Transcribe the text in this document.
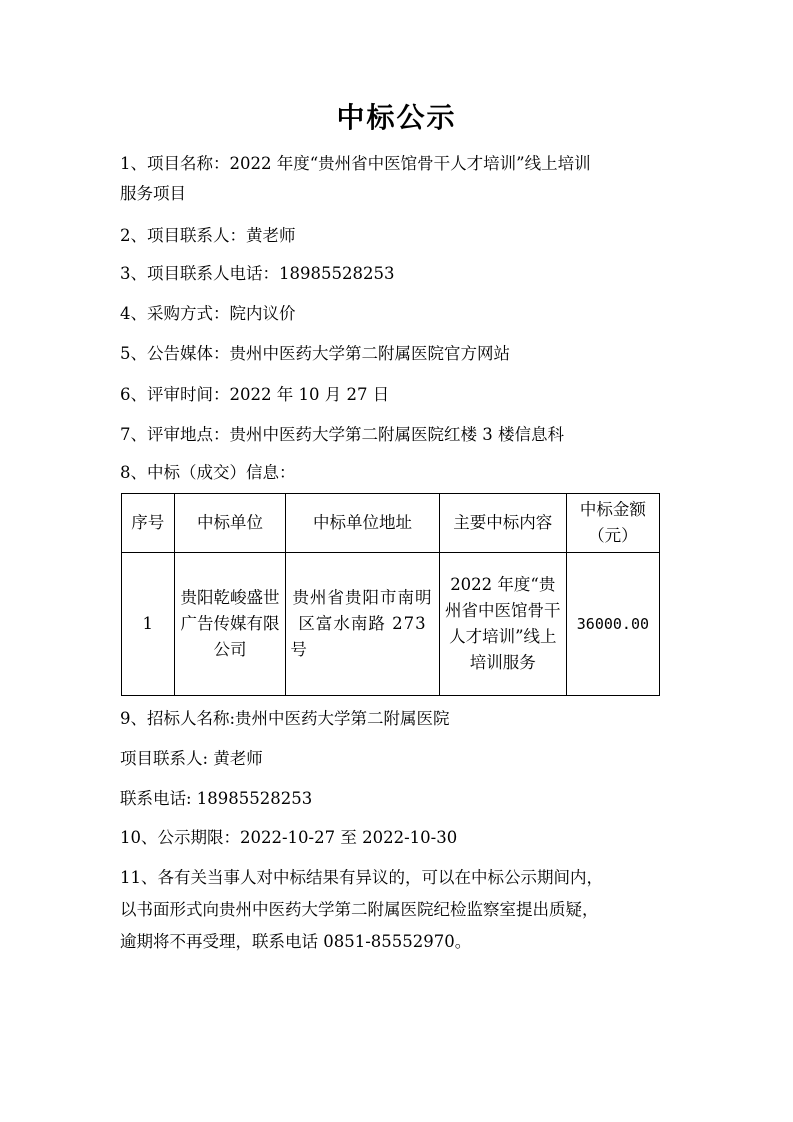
中标公示
1、项目名称：2022 年度“贵州省中医馆骨干人才培训”线上培训
服务项目
2、项目联系人：黄老师
3、项目联系人电话：18985528253
4、采购方式：院内议价
5、公告媒体：贵州中医药大学第二附属医院官方网站
6、评审时间：2022 年 10 月 27 日
7、评审地点：贵州中医药大学第二附属医院红楼 3 楼信息科
8、中标（成交）信息：
序号	中标单位	中标单位地址	主要中标内容	中标金额（元）
1	贵阳乾峻盛世广告传媒有限公司	贵州省贵阳市南明区富水南路 273 号	2022 年度“贵州省中医馆骨干人才培训”线上培训服务	36000.00
9、招标人名称:贵州中医药大学第二附属医院
项目联系人: 黄老师
联系电话: 18985528253
10、公示期限：2022-10-27 至 2022-10-30
11、各有关当事人对中标结果有异议的，可以在中标公示期间内，
以书面形式向贵州中医药大学第二附属医院纪检监察室提出质疑，
逾期将不再受理，联系电话 0851-85552970。
